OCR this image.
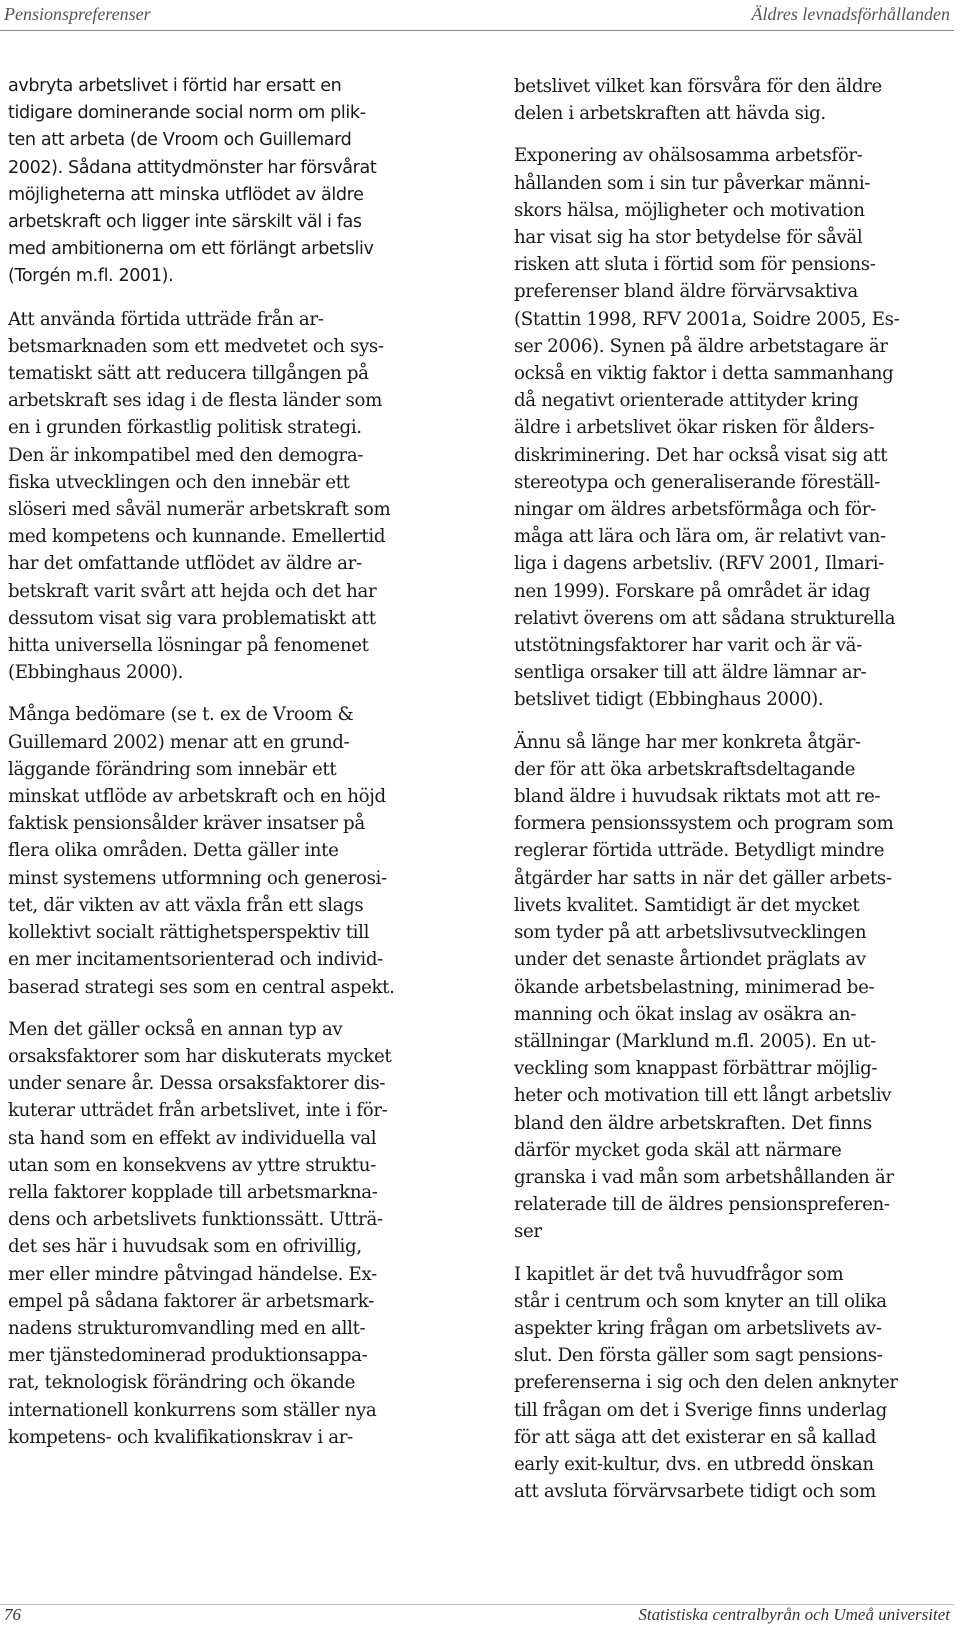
Pensionspreferenser	Äldres levnadsförhållanden

avbryta arbetslivet i förtid har ersatt en
tidigare dominerande social norm om plik-
ten att arbeta (de Vroom och Guillemard
2002). Sådana attitydmönster har försvårat
möjligheterna att minska utflödet av äldre
arbetskraft och ligger inte särskilt väl i fas
med ambitionerna om ett förlängt arbetsliv
(Torgén m.fl. 2001).

Att använda förtida utträde från ar-
betsmarknaden som ett medvetet och sys-
tematiskt sätt att reducera tillgången på
arbetskraft ses idag i de flesta länder som
en i grunden förkastlig politisk strategi.
Den är inkompatibel med den demogra-
fiska utvecklingen och den innebär ett
slöseri med såväl numerär arbetskraft som
med kompetens och kunnande. Emellertid
har det omfattande utflödet av äldre ar-
betskraft varit svårt att hejda och det har
dessutom visat sig vara problematiskt att
hitta universella lösningar på fenomenet
(Ebbinghaus 2000).

Många bedömare (se t. ex de Vroom &
Guillemard 2002) menar att en grund-
läggande förändring som innebär ett
minskat utflöde av arbetskraft och en höjd
faktisk pensionsålder kräver insatser på
flera olika områden. Detta gäller inte
minst systemens utformning och generosi-
tet, där vikten av att växla från ett slags
kollektivt socialt rättighetsperspektiv till
en mer incitamentsorienterad och individ-
baserad strategi ses som en central aspekt.

Men det gäller också en annan typ av
orsaksfaktorer som har diskuterats mycket
under senare år. Dessa orsaksfaktorer dis-
kuterar utträdet från arbetslivet, inte i för-
sta hand som en effekt av individuella val
utan som en konsekvens av yttre struktu-
rella faktorer kopplade till arbetsmarkna-
dens och arbetslivets funktionssätt. Utträ-
det ses här i huvudsak som en ofrivillig,
mer eller mindre påtvingad händelse. Ex-
empel på sådana faktorer är arbetsmark-
nadens strukturomvandling med en allt-
mer tjänstedominerad produktionsappa-
rat, teknologisk förändring och ökande
internationell konkurrens som ställer nya
kompetens- och kvalifikationskrav i ar-

betslivet vilket kan försvåra för den äldre
delen i arbetskraften att hävda sig.

Exponering av ohälsosamma arbetsför-
hållanden som i sin tur påverkar männi-
skors hälsa, möjligheter och motivation
har visat sig ha stor betydelse för såväl
risken att sluta i förtid som för pensions-
preferenser bland äldre förvärvsaktiva
(Stattin 1998, RFV 2001a, Soidre 2005, Es-
ser 2006). Synen på äldre arbetstagare är
också en viktig faktor i detta sammanhang
då negativt orienterade attityder kring
äldre i arbetslivet ökar risken för ålders-
diskriminering. Det har också visat sig att
stereotypa och generaliserande föreställ-
ningar om äldres arbetsförmåga och för-
måga att lära och lära om, är relativt van-
liga i dagens arbetsliv. (RFV 2001, Ilmari-
nen 1999). Forskare på området är idag
relativt överens om att sådana strukturella
utstötningsfaktorer har varit och är vä-
sentliga orsaker till att äldre lämnar ar-
betslivet tidigt (Ebbinghaus 2000).

Ännu så länge har mer konkreta åtgär-
der för att öka arbetskraftsdeltagande
bland äldre i huvudsak riktats mot att re-
formera pensionssystem och program som
reglerar förtida utträde. Betydligt mindre
åtgärder har satts in när det gäller arbets-
livets kvalitet. Samtidigt är det mycket
som tyder på att arbetslivsutvecklingen
under det senaste årtiondet präglats av
ökande arbetsbelastning, minimerad be-
manning och ökat inslag av osäkra an-
ställningar (Marklund m.fl. 2005). En ut-
veckling som knappast förbättrar möjlig-
heter och motivation till ett långt arbetsliv
bland den äldre arbetskraften. Det finns
därför mycket goda skäl att närmare
granska i vad mån som arbetshållanden är
relaterade till de äldres pensionspreferen-
ser

I kapitlet är det två huvudfrågor som
står i centrum och som knyter an till olika
aspekter kring frågan om arbetslivets av-
slut. Den första gäller som sagt pensions-
preferenserna i sig och den delen anknyter
till frågan om det i Sverige finns underlag
för att säga att det existerar en så kallad
early exit-kultur, dvs. en utbredd önskan
att avsluta förvärvsarbete tidigt och som

76	Statistiska centralbyrån och Umeå universitet
